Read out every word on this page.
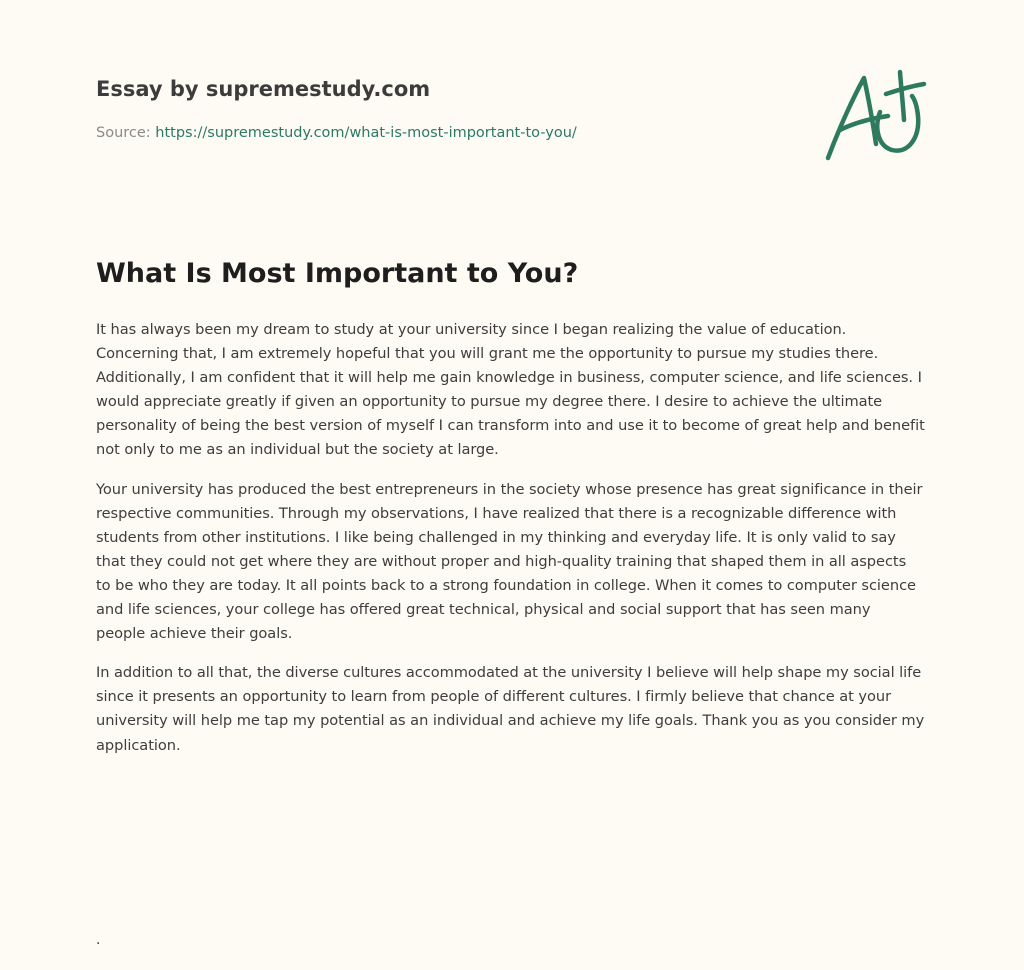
Essay by supremestudy.com
Source: https://supremestudy.com/what-is-most-important-to-you/
What Is Most Important to You?

It has always been my dream to study at your university since I began realizing the value of education.
Concerning that, I am extremely hopeful that you will grant me the opportunity to pursue my studies there.
Additionally, I am confident that it will help me gain knowledge in business, computer science, and life sciences. I
would appreciate greatly if given an opportunity to pursue my degree there. I desire to achieve the ultimate
personality of being the best version of myself I can transform into and use it to become of great help and benefit
not only to me as an individual but the society at large.

Your university has produced the best entrepreneurs in the society whose presence has great significance in their
respective communities. Through my observations, I have realized that there is a recognizable difference with
students from other institutions. I like being challenged in my thinking and everyday life. It is only valid to say
that they could not get where they are without proper and high-quality training that shaped them in all aspects
to be who they are today. It all points back to a strong foundation in college. When it comes to computer science
and life sciences, your college has offered great technical, physical and social support that has seen many
people achieve their goals.

In addition to all that, the diverse cultures accommodated at the university I believe will help shape my social life
since it presents an opportunity to learn from people of different cultures. I firmly believe that chance at your
university will help me tap my potential as an individual and achieve my life goals. Thank you as you consider my
application.

.
